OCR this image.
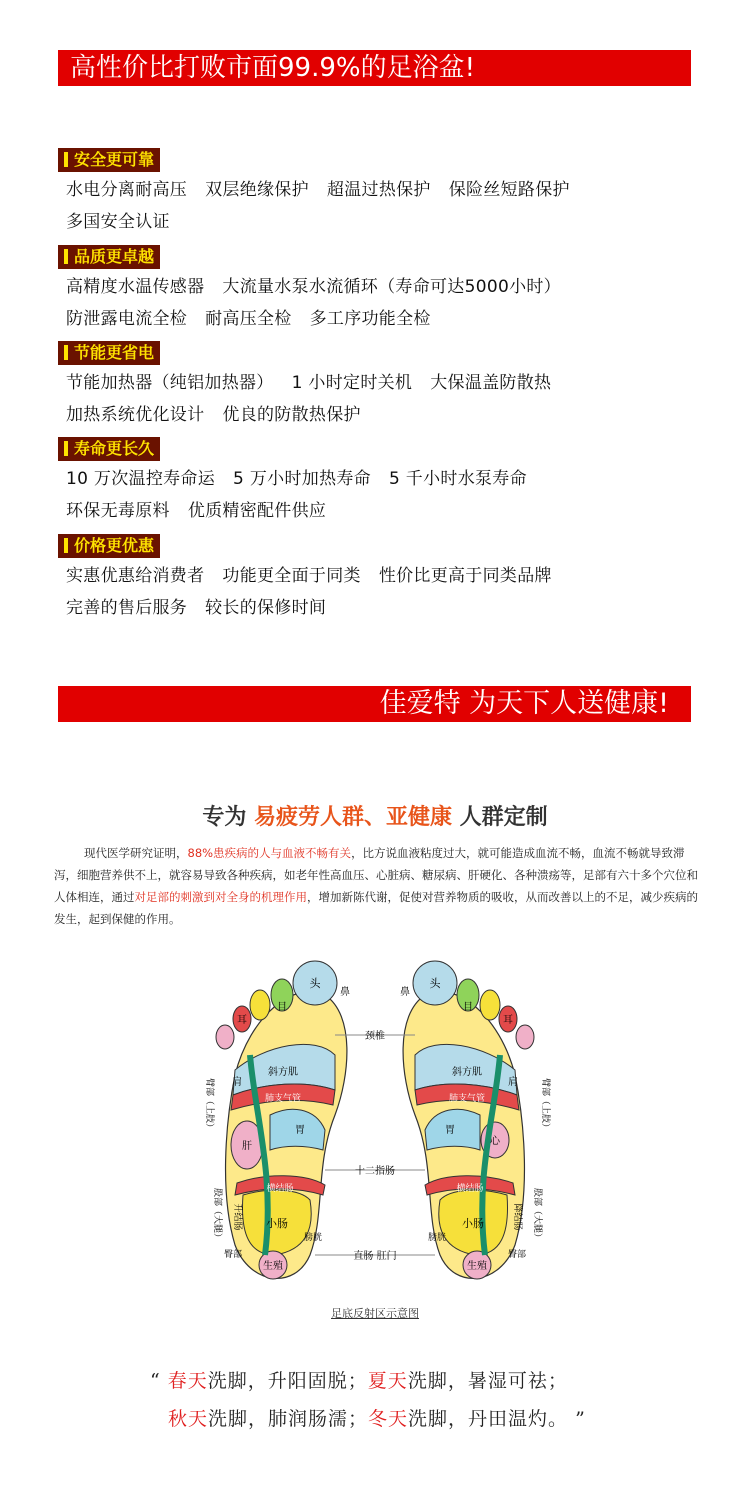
高性价比打败市面99.9%的足浴盆!
安全更可靠
水电分离耐高压 双层绝缘保护 超温过热保护 保险丝短路保护
多国安全认证
品质更卓越
高精度水温传感器 大流量水泵水流循环（寿命可达5000小时）
防泄露电流全检 耐高压全检 多工序功能全检
节能更省电
节能加热器（纯铝加热器） 1 小时定时关机 大保温盖防散热
加热系统优化设计 优良的防散热保护
寿命更长久
10 万次温控寿命运 5 万小时加热寿命 5 千小时水泵寿命
环保无毒原料 优质精密配件供应
价格更优惠
实惠优惠给消费者 功能更全面于同类 性价比更高于同类品牌
完善的售后服务 较长的保修时间
佳爱特 为天下人送健康!
专为 易疲劳人群、亚健康 人群定制
现代医学研究证明，88%患疾病的人与血液不畅有关，比方说血液粘度过大，就可能造成血流不畅，血流不畅就导致滞泻，细胞营养供不上，就容易导致各种疾病，如老年性高血压、心脏病、糖尿病、肝硬化、各种溃疡等，足部有六十多个穴位和人体相连，通过对足部的刺激到对全身的机理作用，增加新陈代谢，促使对营养物质的吸收，从而改善以上的不足，减少疾病的发生，起到保健的作用。
头	头
鼻	鼻
目	目
耳	耳
颈椎
斜方肌	斜方肌
肺支气管	肺支气管
肩	肩
心
肝
胃	胃
横结肠	横结肠
十二指肠
小肠	小肠
生殖	生殖
直肠 肛门
臂部（上肢）	臂部（上肢）
股部（大腿）	股部（大腿）
臀部	臀部
升结肠	降结肠
膀胱	膀胱
足底反射区示意图
“ 春天洗脚，升阳固脱；夏天洗脚，暑湿可祛；
秋天洗脚，肺润肠濡；冬天洗脚，丹田温灼。 ”
